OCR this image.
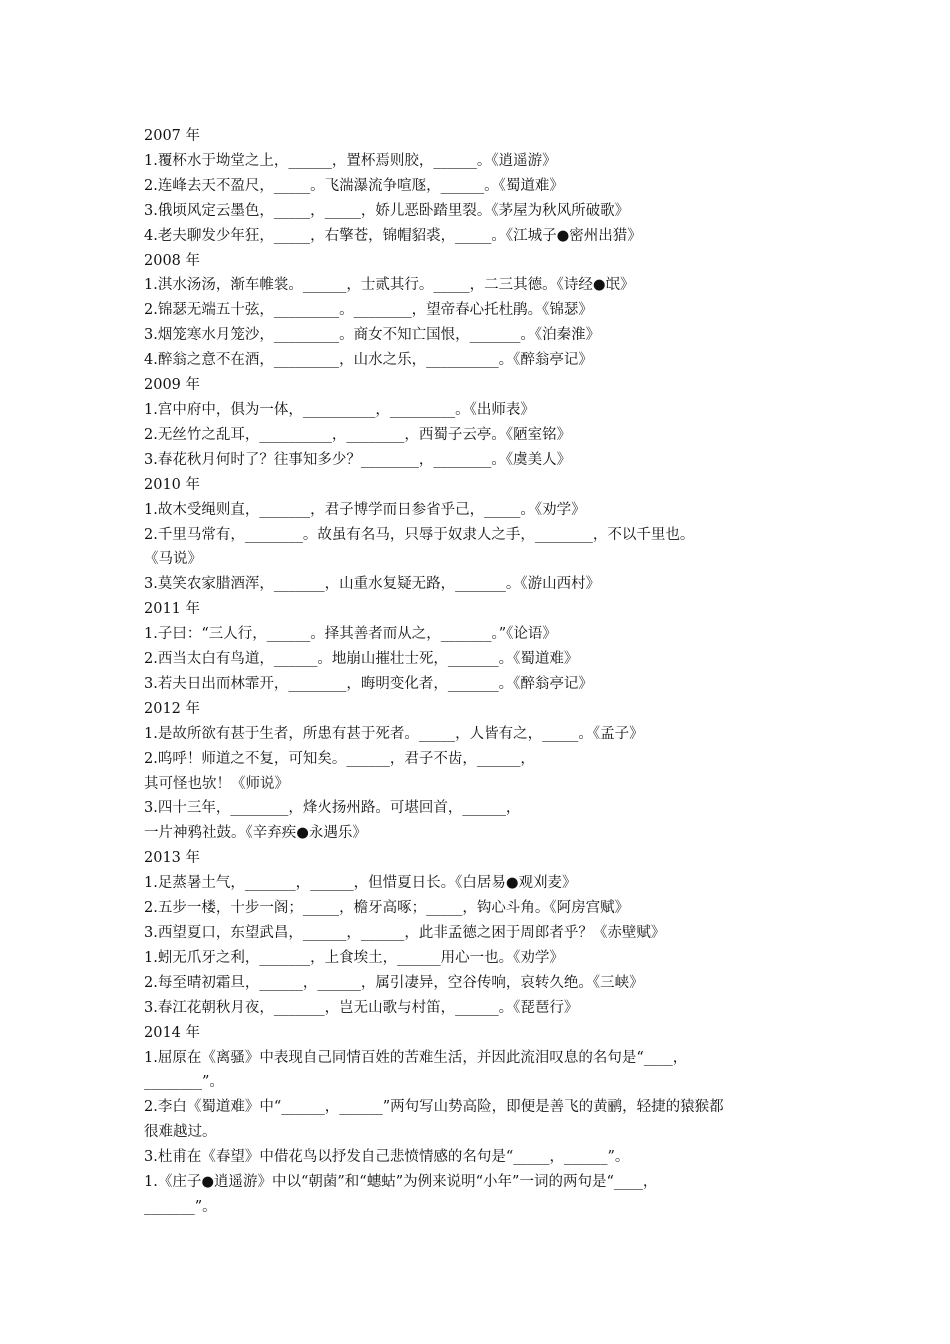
2007 年

1.覆杯水于坳堂之上，______，置杯焉则胶，______。《逍遥游》

2.连峰去天不盈尺，_____。飞湍瀑流争喧豗，______。《蜀道难》

3.俄顷风定云墨色，_____，_____，娇儿恶卧踏里裂。《茅屋为秋风所破歌》

4.老夫聊发少年狂，_____，右擎苍，锦帽貂裘，_____。《江城子●密州出猎》

2008 年

1.淇水汤汤，渐车帷裳。______，士贰其行。_____，二三其德。《诗经●氓》

2.锦瑟无端五十弦，_________。________，望帝春心托杜鹃。《锦瑟》

3.烟笼寒水月笼沙，_________。商女不知亡国恨，_______。《泊秦淮》

4.醉翁之意不在酒，_________，山水之乐，__________。《醉翁亭记》

2009 年

1.宫中府中，俱为一体，__________，_________。《出师表》

2.无丝竹之乱耳，__________，________，西蜀子云亭。《陋室铭》

3.春花秋月何时了？往事知多少？________，________。《虞美人》

2010 年

1.故木受绳则直，_______，君子博学而日参省乎己，_____。《劝学》

2.千里马常有，________。故虽有名马，只辱于奴隶人之手，________，不以千里也。

《马说》

3.莫笑农家腊酒浑，_______，山重水复疑无路，_______。《游山西村》

2011 年

1.子曰：“三人行，______。择其善者而从之，_______。”《论语》

2.西当太白有鸟道，______。地崩山摧壮士死，_______。《蜀道难》

3.若夫日出而林霏开，________，晦明变化者，_______。《醉翁亭记》

2012 年

1.是故所欲有甚于生者，所患有甚于死者。_____，人皆有之，_____。《孟子》

2.呜呼！师道之不复，可知矣。______，君子不齿，______，

其可怪也欤！《师说》

3.四十三年，________，烽火扬州路。可堪回首，______，

一片神鸦社鼓。《辛弃疾●永遇乐》

2013 年

1.足蒸暑土气，_______，______，但惜夏日长。《白居易●观刈麦》

2.五步一楼，十步一阁；_____，檐牙高啄；_____，钩心斗角。《阿房宫赋》

3.西望夏口，东望武昌，______，______，此非孟德之困于周郎者乎？《赤壁赋》

1.蚓无爪牙之利，_______，上食埃土，______用心一也。《劝学》

2.每至晴初霜旦，______，______，属引凄异，空谷传响，哀转久绝。《三峡》

3.春江花朝秋月夜，_______，岂无山歌与村笛，______。《琵琶行》

2014 年

1.屈原在《离骚》中表现自己同情百姓的苦难生活，并因此流泪叹息的名句是“____，

________”。

2.李白《蜀道难》中“______，______”两句写山势高险，即便是善飞的黄鹂，轻捷的猿猴都

很难越过。

3.杜甫在《春望》中借花鸟以抒发自己悲愤情感的名句是“_____，______”。

1.《庄子●逍遥游》中以“朝菌”和“蟪蛄”为例来说明“小年”一词的两句是“____，

_______”。
